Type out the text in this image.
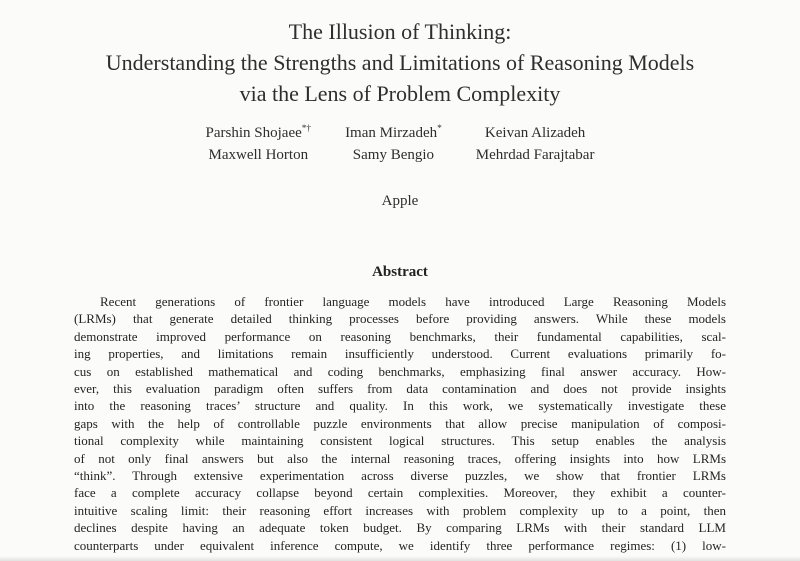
The Illusion of Thinking:
Understanding the Strengths and Limitations of Reasoning Models
via the Lens of Problem Complexity
Parshin Shojaee*† Iman Mirzadeh*	Keivan Alizadeh
Maxwell Horton	Samy Bengio	Mehrdad Farajtabar
Apple
Abstract
Recent generations of frontier language models have introduced Large Reasoning Models
(LRMs) that generate detailed thinking processes before providing answers. While these models
demonstrate improved performance on reasoning benchmarks, their fundamental capabilities, scal-
ing properties, and limitations remain insufficiently understood. Current evaluations primarily fo-
cus on established mathematical and coding benchmarks, emphasizing final answer accuracy. How-
ever, this evaluation paradigm often suffers from data contamination and does not provide insights
into the reasoning traces’ structure and quality. In this work, we systematically investigate these
gaps with the help of controllable puzzle environments that allow precise manipulation of composi-
tional complexity while maintaining consistent logical structures. This setup enables the analysis
of not only final answers but also the internal reasoning traces, offering insights into how LRMs
“think”. Through extensive experimentation across diverse puzzles, we show that frontier LRMs
face a complete accuracy collapse beyond certain complexities. Moreover, they exhibit a counter-
intuitive scaling limit: their reasoning effort increases with problem complexity up to a point, then
declines despite having an adequate token budget. By comparing LRMs with their standard LLM
counterparts under equivalent inference compute, we identify three performance regimes: (1) low-
